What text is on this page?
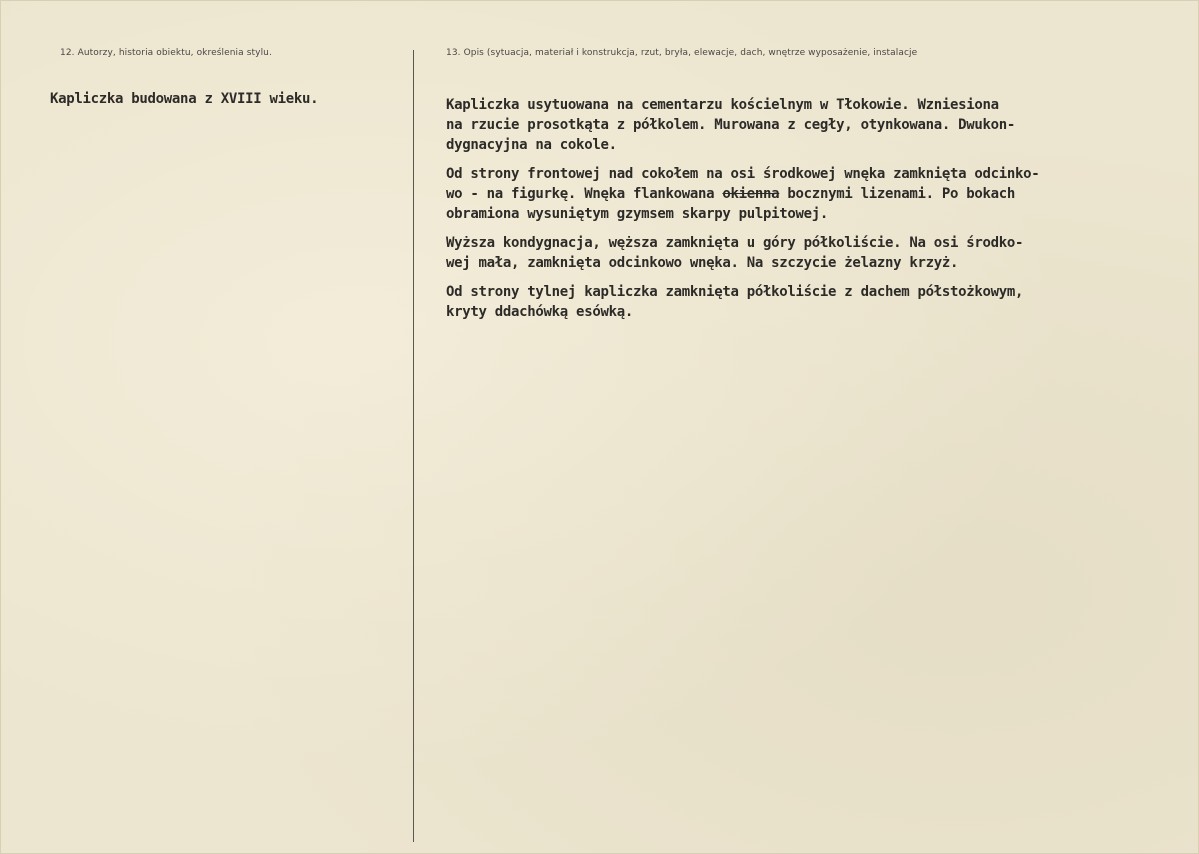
12. Autorzy, historia obiektu, określenia stylu.	13. Opis (sytuacja, materiał i konstrukcja, rzut, bryła, elewacje, dach, wnętrze wyposażenie, instalacje
Kapliczka budowana z XVIII wieku.	Kapliczka usytuowana na cementarzu kościelnym w Tłokowie. Wzniesiona
na rzucie prosotkąta z półkolem. Murowana z cegły, otynkowana. Dwukon-
dygnacyjna na cokole.
Od strony frontowej nad cokołem na osi środkowej wnęka zamknięta odcinko-
wo - na figurkę. Wnęka flankowana okienna bocznymi lizenami. Po bokach
obramiona wysuniętym gzymsem skarpy pulpitowej.
Wyższa kondygnacja, węższa zamknięta u góry półkoliście. Na osi środko-
wej mała, zamknięta odcinkowo wnęka. Na szczycie żelazny krzyż.
Od strony tylnej kapliczka zamknięta półkoliście z dachem półstożkowym,
kryty ddachówką esówką.
